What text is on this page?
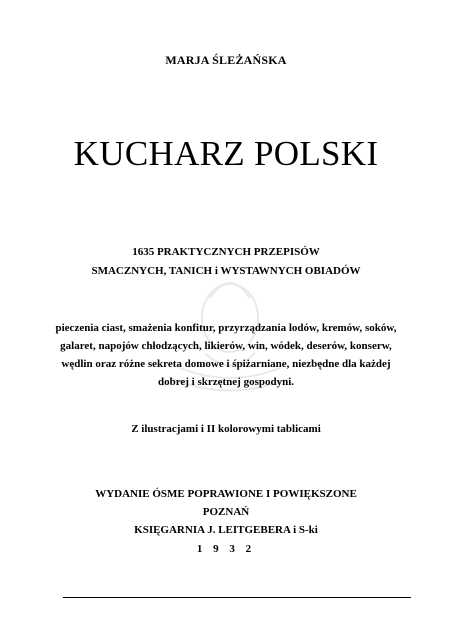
MARJA ŚLEŻAŃSKA
KUCHARZ POLSKI
1635 PRAKTYCZNYCH PRZEPISÓW
SMACZNYCH, TANICH i WYSTAWNYCH OBIADÓW
pieczenia ciast, smażenia konfitur, przyrządzania lodów, kremów, soków,
galaret, napojów chłodzących, likierów, win, wódek, deserów, konserw,
wędlin oraz różne sekreta domowe i śpiżarniane, niezbędne dla każdej
dobrej i skrzętnej gospodyni.
Z ilustracjami i II kolorowymi tablicami
WYDANIE ÓSME POPRAWIONE I POWIĘKSZONE
POZNAŃ
KSIĘGARNIA J. LEITGEBERA i S-ki
1 9 3 2
